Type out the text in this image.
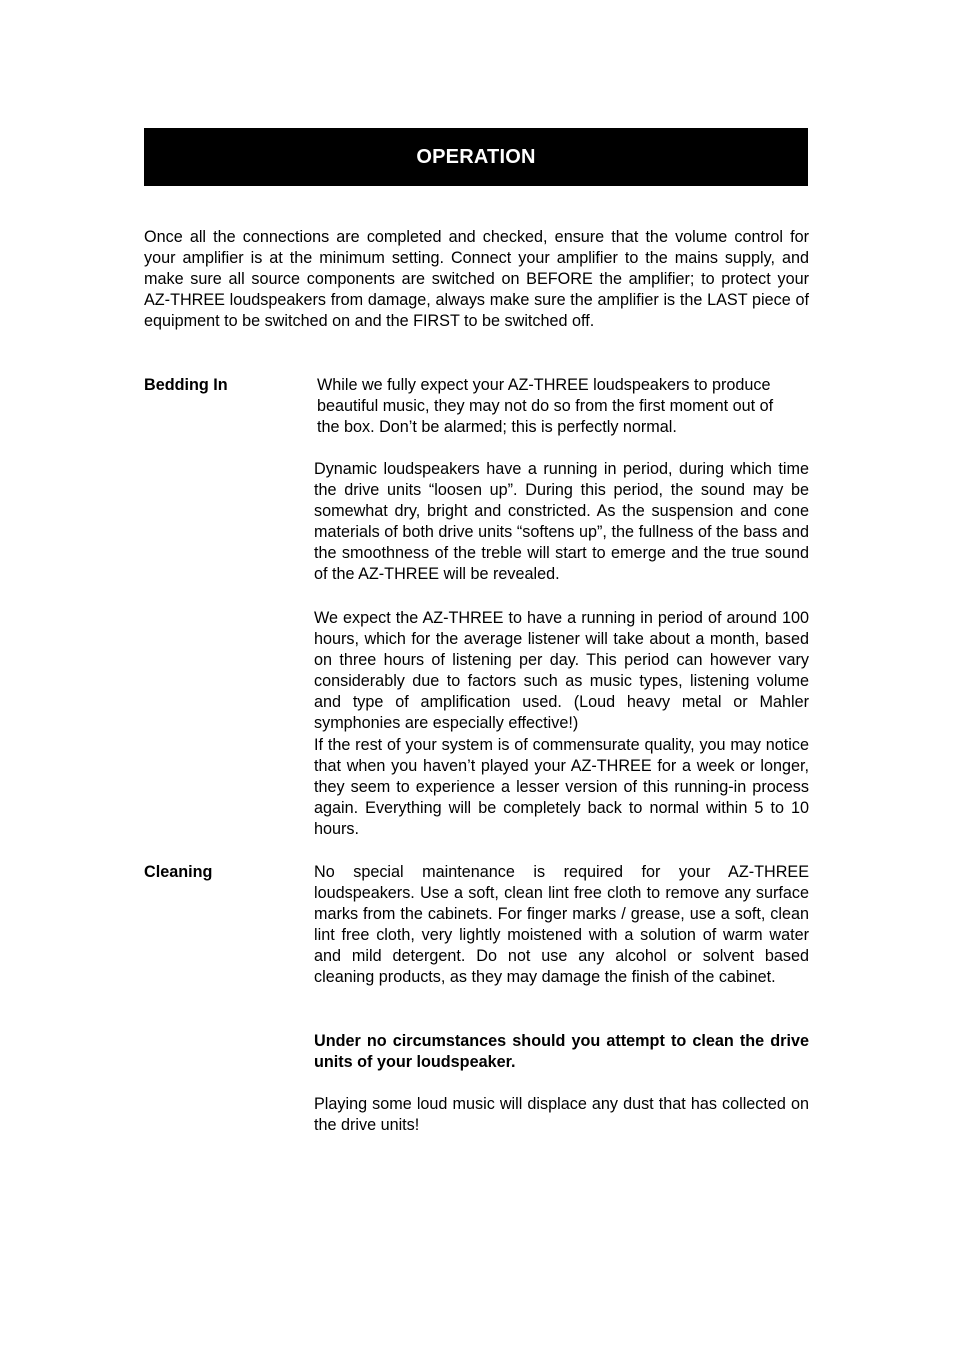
OPERATION

Once all the connections are completed and checked, ensure that the volume control for your amplifier is at the minimum setting. Connect your amplifier to the mains supply, and make sure all source components are switched on BEFORE the amplifier; to protect your AZ-THREE loudspeakers from damage, always make sure the amplifier is the LAST piece of equipment to be switched on and the FIRST to be switched off.

Bedding In	While we fully expect your AZ-THREE loudspeakers to produce beautiful music, they may not do so from the first moment out of the box. Don’t be alarmed; this is perfectly normal.

Dynamic loudspeakers have a running in period, during which time the drive units “loosen up”. During this period, the sound may be somewhat dry, bright and constricted. As the suspension and cone materials of both drive units “softens up”, the fullness of the bass and the smoothness of the treble will start to emerge and the true sound of the AZ-THREE will be revealed.

We expect the AZ-THREE to have a running in period of around 100 hours, which for the average listener will take about a month, based on three hours of listening per day. This period can however vary considerably due to factors such as music types, listening volume and type of amplification used. (Loud heavy metal or Mahler symphonies are especially effective!)

If the rest of your system is of commensurate quality, you may notice that when you haven’t played your AZ-THREE for a week or longer, they seem to experience a lesser version of this running-in process again. Everything will be completely back to normal within 5 to 10 hours.

Cleaning	No special maintenance is required for your AZ-THREE loudspeakers. Use a soft, clean lint free cloth to remove any surface marks from the cabinets. For finger marks / grease, use a soft, clean lint free cloth, very lightly moistened with a solution of warm water and mild detergent. Do not use any alcohol or solvent based cleaning products, as they may damage the finish of the cabinet.

Under no circumstances should you attempt to clean the drive units of your loudspeaker.

Playing some loud music will displace any dust that has collected on the drive units!
